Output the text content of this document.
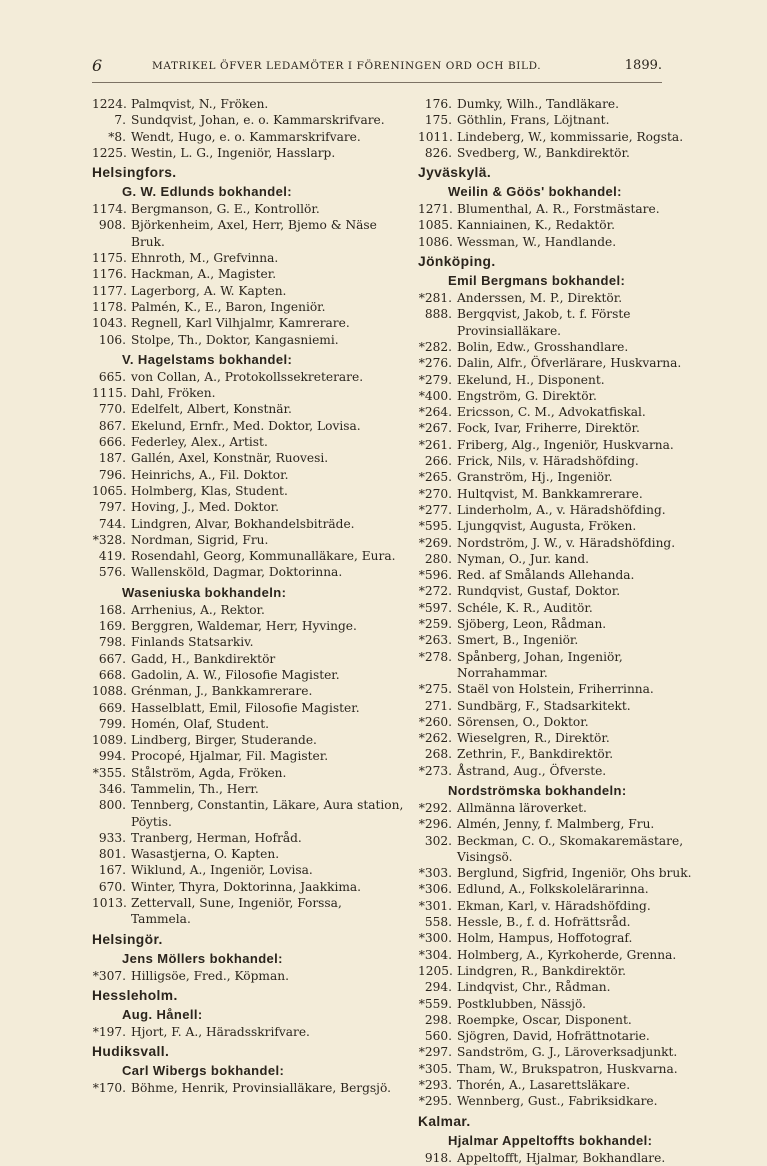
6	MATRIKEL ÖFVER LEDAMÖTER I FÖRENINGEN ORD OCH BILD.	1899.
1224. Palmqvist, N., Fröken.
7. Sundqvist, Johan, e. o. Kammarskrifvare.
*8. Wendt, Hugo, e. o. Kammarskrifvare.
1225. Westin, L. G., Ingeniör, Hasslarp.
Helsingfors.
G. W. Edlunds bokhandel:
1174. Bergmanson, G. E., Kontrollör.
908. Björkenheim, Axel, Herr, Bjemo & Näse Bruk.
1175. Ehnroth, M., Grefvinna.
1176. Hackman, A., Magister.
1177. Lagerborg, A. W. Kapten.
1178. Palmén, K., E., Baron, Ingeniör.
1043. Regnell, Karl Vilhjalmr, Kamrerare.
106. Stolpe, Th., Doktor, Kangasniemi.
V. Hagelstams bokhandel:
665. von Collan, A., Protokollssekreterare.
1115. Dahl, Fröken.
770. Edelfelt, Albert, Konstnär.
867. Ekelund, Ernfr., Med. Doktor, Lovisa.
666. Federley, Alex., Artist.
187. Gallén, Axel, Konstnär, Ruovesi.
796. Heinrichs, A., Fil. Doktor.
1065. Holmberg, Klas, Student.
797. Hoving, J., Med. Doktor.
744. Lindgren, Alvar, Bokhandelsbiträde.
*328. Nordman, Sigrid, Fru.
419. Rosendahl, Georg, Kommunalläkare, Eura.
576. Wallensköld, Dagmar, Doktorinna.
Waseniuska bokhandeln:
168. Arrhenius, A., Rektor.
169. Berggren, Waldemar, Herr, Hyvinge.
798. Finlands Statsarkiv.
667. Gadd, H., Bankdirektör
668. Gadolin, A. W., Filosofie Magister.
1088. Grénman, J., Bankkamrerare.
669. Hasselblatt, Emil, Filosofie Magister.
799. Homén, Olaf, Student.
1089. Lindberg, Birger, Studerande.
994. Procopé, Hjalmar, Fil. Magister.
*355. Stålström, Agda, Fröken.
346. Tammelin, Th., Herr.
800. Tennberg, Constantin, Läkare, Aura station, Pöytis.
933. Tranberg, Herman, Hofråd.
801. Wasastjerna, O. Kapten.
167. Wiklund, A., Ingeniör, Lovisa.
670. Winter, Thyra, Doktorinna, Jaakkima.
1013. Zettervall, Sune, Ingeniör, Forssa, Tammela.
Helsingör.
Jens Möllers bokhandel:
*307. Hilligsöe, Fred., Köpman.
Hessleholm.
Aug. Hånell:
*197. Hjort, F. A., Häradsskrifvare.
Hudiksvall.
Carl Wibergs bokhandel:
*170. Böhme, Henrik, Provinsialläkare, Bergsjö.
176. Dumky, Wilh., Tandläkare.
175. Göthlin, Frans, Löjtnant.
1011. Lindeberg, W., kommissarie, Rogsta.
826. Svedberg, W., Bankdirektör.
Jyväskylä.
Weilin & Göös' bokhandel:
1271. Blumenthal, A. R., Forstmästare.
1085. Kanniainen, K., Redaktör.
1086. Wessman, W., Handlande.
Jönköping.
Emil Bergmans bokhandel:
*281. Anderssen, M. P., Direktör.
888. Bergqvist, Jakob, t. f. Förste Provinsialläkare.
*282. Bolin, Edw., Grosshandlare.
*276. Dalin, Alfr., Öfverlärare, Huskvarna.
*279. Ekelund, H., Disponent.
*400. Engström, G. Direktör.
*264. Ericsson, C. M., Advokatfiskal.
*267. Fock, Ivar, Friherre, Direktör.
*261. Friberg, Alg., Ingeniör, Huskvarna.
266. Frick, Nils, v. Häradshöfding.
*265. Granström, Hj., Ingeniör.
*270. Hultqvist, M. Bankkamrerare.
*277. Linderholm, A., v. Häradshöfding.
*595. Ljungqvist, Augusta, Fröken.
*269. Nordström, J. W., v. Häradshöfding.
280. Nyman, O., Jur. kand.
*596. Red. af Smålands Allehanda.
*272. Rundqvist, Gustaf, Doktor.
*597. Schéle, K. R., Auditör.
*259. Sjöberg, Leon, Rådman.
*263. Smert, B., Ingeniör.
*278. Spånberg, Johan, Ingeniör, Norrahammar.
*275. Staël von Holstein, Friherrinna.
271. Sundbärg, F., Stadsarkitekt.
*260. Sörensen, O., Doktor.
*262. Wieselgren, R., Direktör.
268. Zethrin, F., Bankdirektör.
*273. Åstrand, Aug., Öfverste.
Nordströmska bokhandeln:
*292. Allmänna läroverket.
*296. Almén, Jenny, f. Malmberg, Fru.
302. Beckman, C. O., Skomakaremästare, Visingsö.
*303. Berglund, Sigfrid, Ingeniör, Ohs bruk.
*306. Edlund, A., Folkskolelärarinna.
*301. Ekman, Karl, v. Häradshöfding.
558. Hessle, B., f. d. Hofrättsråd.
*300. Holm, Hampus, Hoffotograf.
*304. Holmberg, A., Kyrkoherde, Grenna.
1205. Lindgren, R., Bankdirektör.
294. Lindqvist, Chr., Rådman.
*559. Postklubben, Nässjö.
298. Roempke, Oscar, Disponent.
560. Sjögren, David, Hofrättnotarie.
*297. Sandström, G. J., Läroverksadjunkt.
*305. Tham, W., Brukspatron, Huskvarna.
*293. Thorén, A., Lasarettsläkare.
*295. Wennberg, Gust., Fabriksidkare.
Kalmar.
Hjalmar Appeltoffts bokhandel:
918. Appeltofft, Hjalmar, Bokhandlare.
